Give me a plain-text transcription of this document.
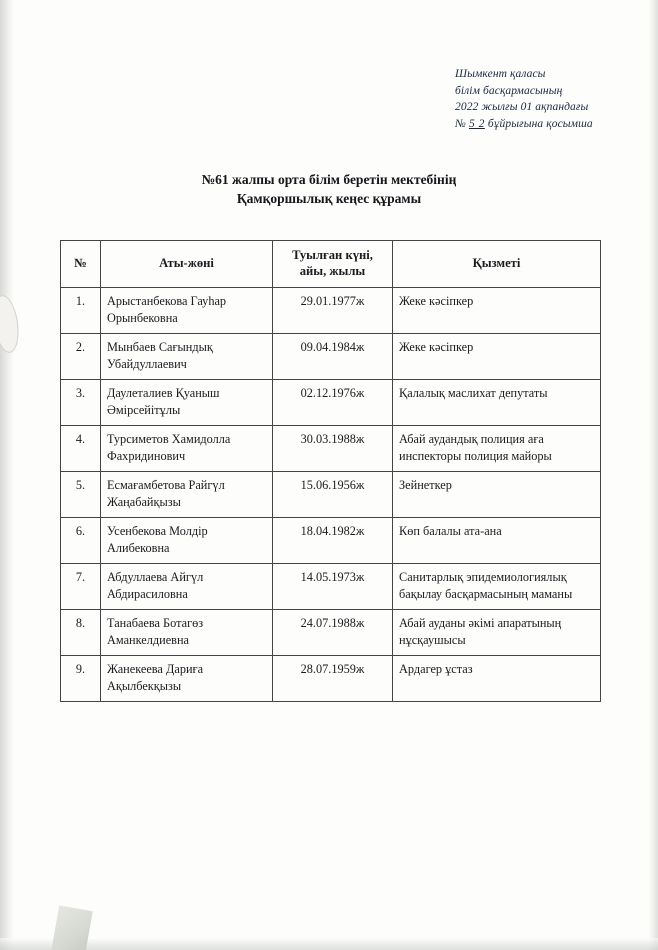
Шымкент қаласы
білім басқармасының
2022 жылғы 01 ақпандағы
№ 5 2 бұйрығына қосымша
№61 жалпы орта білім беретін мектебінің
Қамқоршылық кеңес құрамы
№	Аты-жөні	Туылған күні,
айы, жылы	Қызметі
1.	Арыстанбекова Гауһар Орынбековна	29.01.1977ж	Жеке кәсіпкер
2.	Мынбаев Сағындық Убайдуллаевич	09.04.1984ж	Жеке кәсіпкер
3.	Даулеталиев Қуаныш Әмірсейітұлы	02.12.1976ж	Қалалық маслихат депутаты
4.	Турсиметов Хамидолла Фахридинович	30.03.1988ж	Абай аудандық полиция аға инспекторы полиция майоры
5.	Есмағамбетова Райгүл Жаңабайқызы	15.06.1956ж	Зейнеткер
6.	Усенбекова Молдір Алибековна	18.04.1982ж	Көп балалы ата-ана
7.	Абдуллаева Айгүл Абдирасиловна	14.05.1973ж	Санитарлық эпидемиологиялық бақылау басқармасының маманы
8.	Танабаева Ботагөз Аманкелдиевна	24.07.1988ж	Абай ауданы әкімі апаратының нұсқаушысы
9.	Жанекеева Дариға Ақылбекқызы	28.07.1959ж	Ардагер ұстаз
